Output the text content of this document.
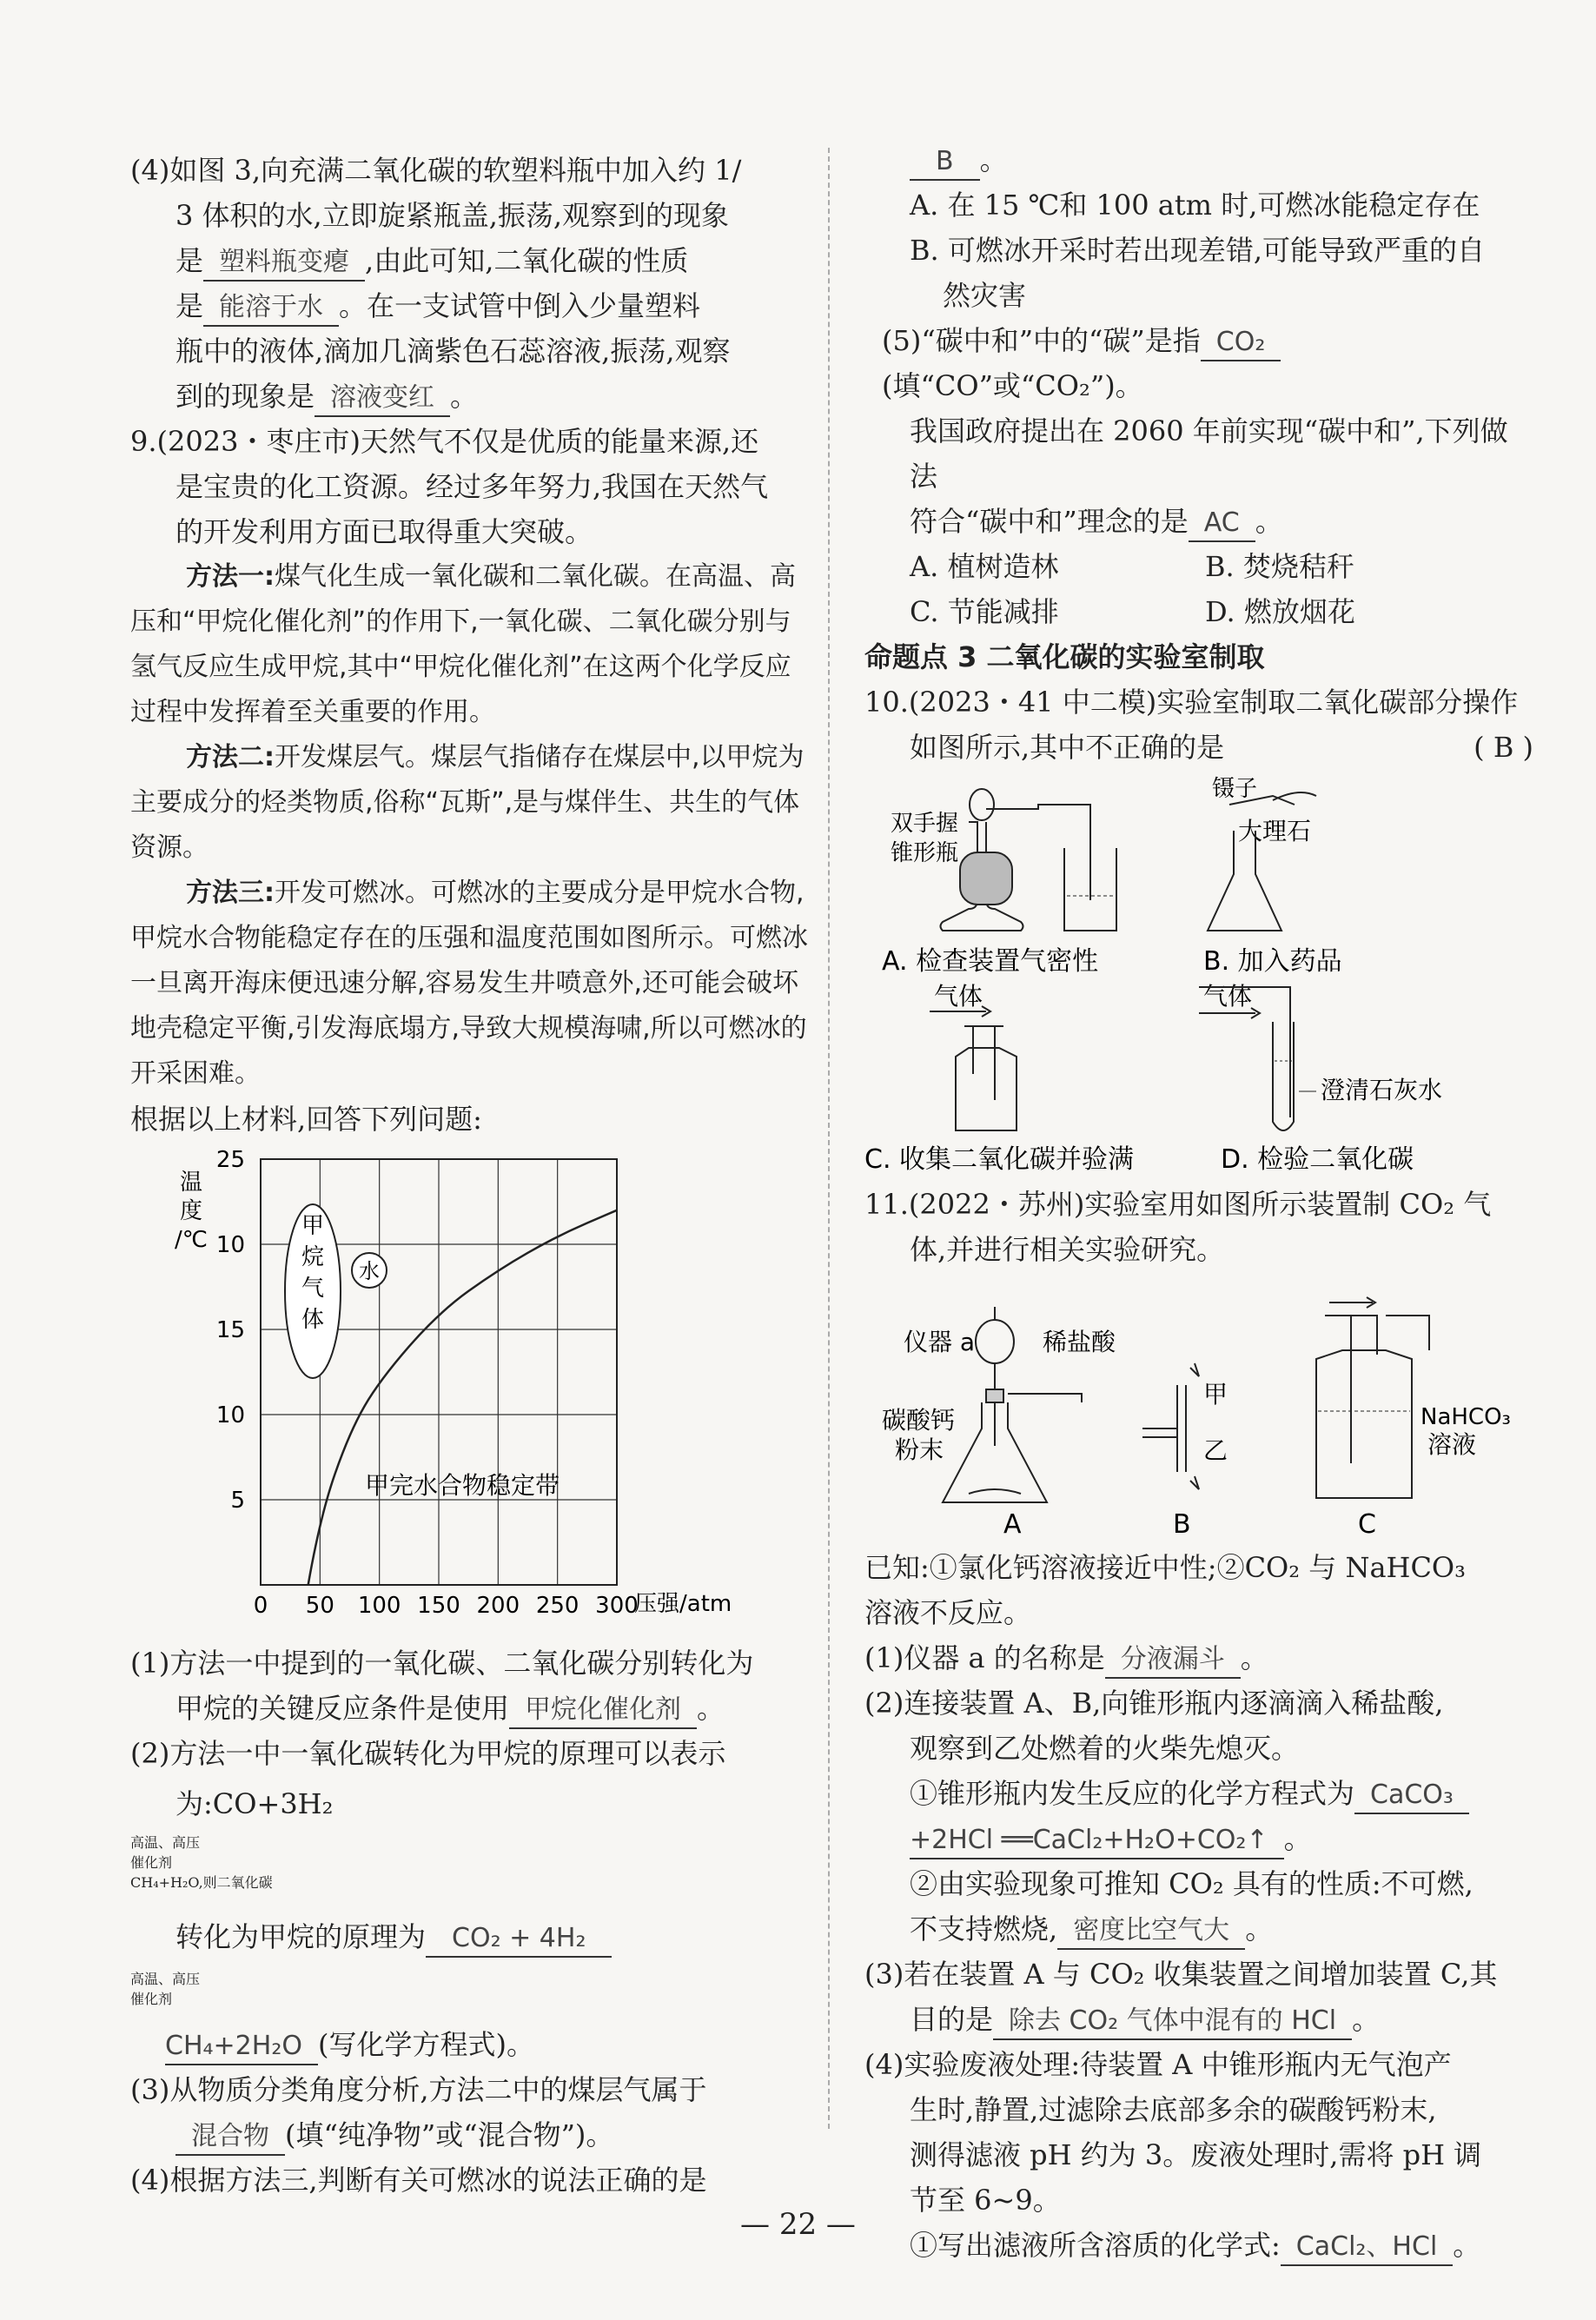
(4)如图 3,向充满二氧化碳的软塑料瓶中加入约 1/

3 体积的水,立即旋紧瓶盖,振荡,观察到的现象

是 塑料瓶变瘪 ,由此可知,二氧化碳的性质

是 能溶于水 。在一支试管中倒入少量塑料

瓶中的液体,滴加几滴紫色石蕊溶液,振荡,观察

到的现象是 溶液变红 。

9.(2023・枣庄市)天然气不仅是优质的能量来源,还

是宝贵的化工资源。经过多年努力,我国在天然气

的开发利用方面已取得重大突破。

方法一:煤气化生成一氧化碳和二氧化碳。在高温、高压和“甲烷化催化剂”的作用下,一氧化碳、二氧化碳分别与氢气反应生成甲烷,其中“甲烷化催化剂”在这两个化学反应过程中发挥着至关重要的作用。

方法二:开发煤层气。煤层气指储存在煤层中,以甲烷为主要成分的烃类物质,俗称“瓦斯”,是与煤伴生、共生的气体资源。

方法三:开发可燃冰。可燃冰的主要成分是甲烷水合物,甲烷水合物能稳定存在的压强和温度范围如图所示。可燃冰一旦离开海床便迅速分解,容易发生井喷意外,还可能会破坏地壳稳定平衡,引发海底塌方,导致大规模海啸,所以可燃冰的开采困难。

根据以上材料,回答下列问题:

0 50 100 150 200 250 300
5
10
15
10
25
甲烷气体
水
甲完水合物稳定带
温
度
/℃
压强/atm

(1)方法一中提到的一氧化碳、二氧化碳分别转化为

甲烷的关键反应条件是使用 甲烷化催化剂 。

(2)方法一中一氧化碳转化为甲烷的原理可以表示

为:CO+3H₂

高温、高压
催化剂
CH₄+H₂O,则二氧化碳

转化为甲烷的原理为 CO₂ + 4H₂

高温、高压
催化剂

CH₄+2H₂O (写化学方程式)。

(3)从物质分类角度分析,方法二中的煤层气属于

混合物 (填“纯净物”或“混合物”)。

(4)根据方法三,判断有关可燃冰的说法正确的是

B 。

A. 在 15 ℃和 100 atm 时,可燃冰能稳定存在

B. 可燃冰开采时若出现差错,可能导致严重的自

然灾害

(5)“碳中和”中的“碳”是指 CO₂(填“CO”或“CO₂”)。

我国政府提出在 2060 年前实现“碳中和”,下列做法

符合“碳中和”理念的是 AC 。

A. 植树造林	B. 焚烧秸秆
C. 节能减排	D. 燃放烟花

命题点 3 二氧化碳的实验室制取

10.(2023・41 中二模)实验室制取二氧化碳部分操作

如图所示,其中不正确的是	( B )

双手握
锥形瓶
A. 检查装置气密性
镊子
大理石
B. 加入药品
气体
C. 收集二氧化碳并验满
气体
澄清石灰水
D. 检验二氧化碳

11.(2022・苏州)实验室用如图所示装置制 CO₂ 气

体,并进行相关实验研究。

仪器 a	稀盐酸
碳酸钙
粉末
A
甲
乙
B
NaHCO₃
溶液
C

已知:①氯化钙溶液接近中性;②CO₂ 与 NaHCO₃

溶液不反应。

(1)仪器 a 的名称是 分液漏斗 。

(2)连接装置 A、B,向锥形瓶内逐滴滴入稀盐酸,

观察到乙处燃着的火柴先熄灭。

①锥形瓶内发生反应的化学方程式为 CaCO₃

+2HCl ══CaCl₂+H₂O+CO₂↑ 。

②由实验现象可推知 CO₂ 具有的性质:不可燃,

不支持燃烧, 密度比空气大 。

(3)若在装置 A 与 CO₂ 收集装置之间增加装置 C,其

目的是 除去 CO₂ 气体中混有的 HCl 。

(4)实验废液处理:待装置 A 中锥形瓶内无气泡产

生时,静置,过滤除去底部多余的碳酸钙粉末,

测得滤液 pH 约为 3。废液处理时,需将 pH 调

节至 6~9。

①写出滤液所含溶质的化学式: CaCl₂、HCl 。

— 22 —
